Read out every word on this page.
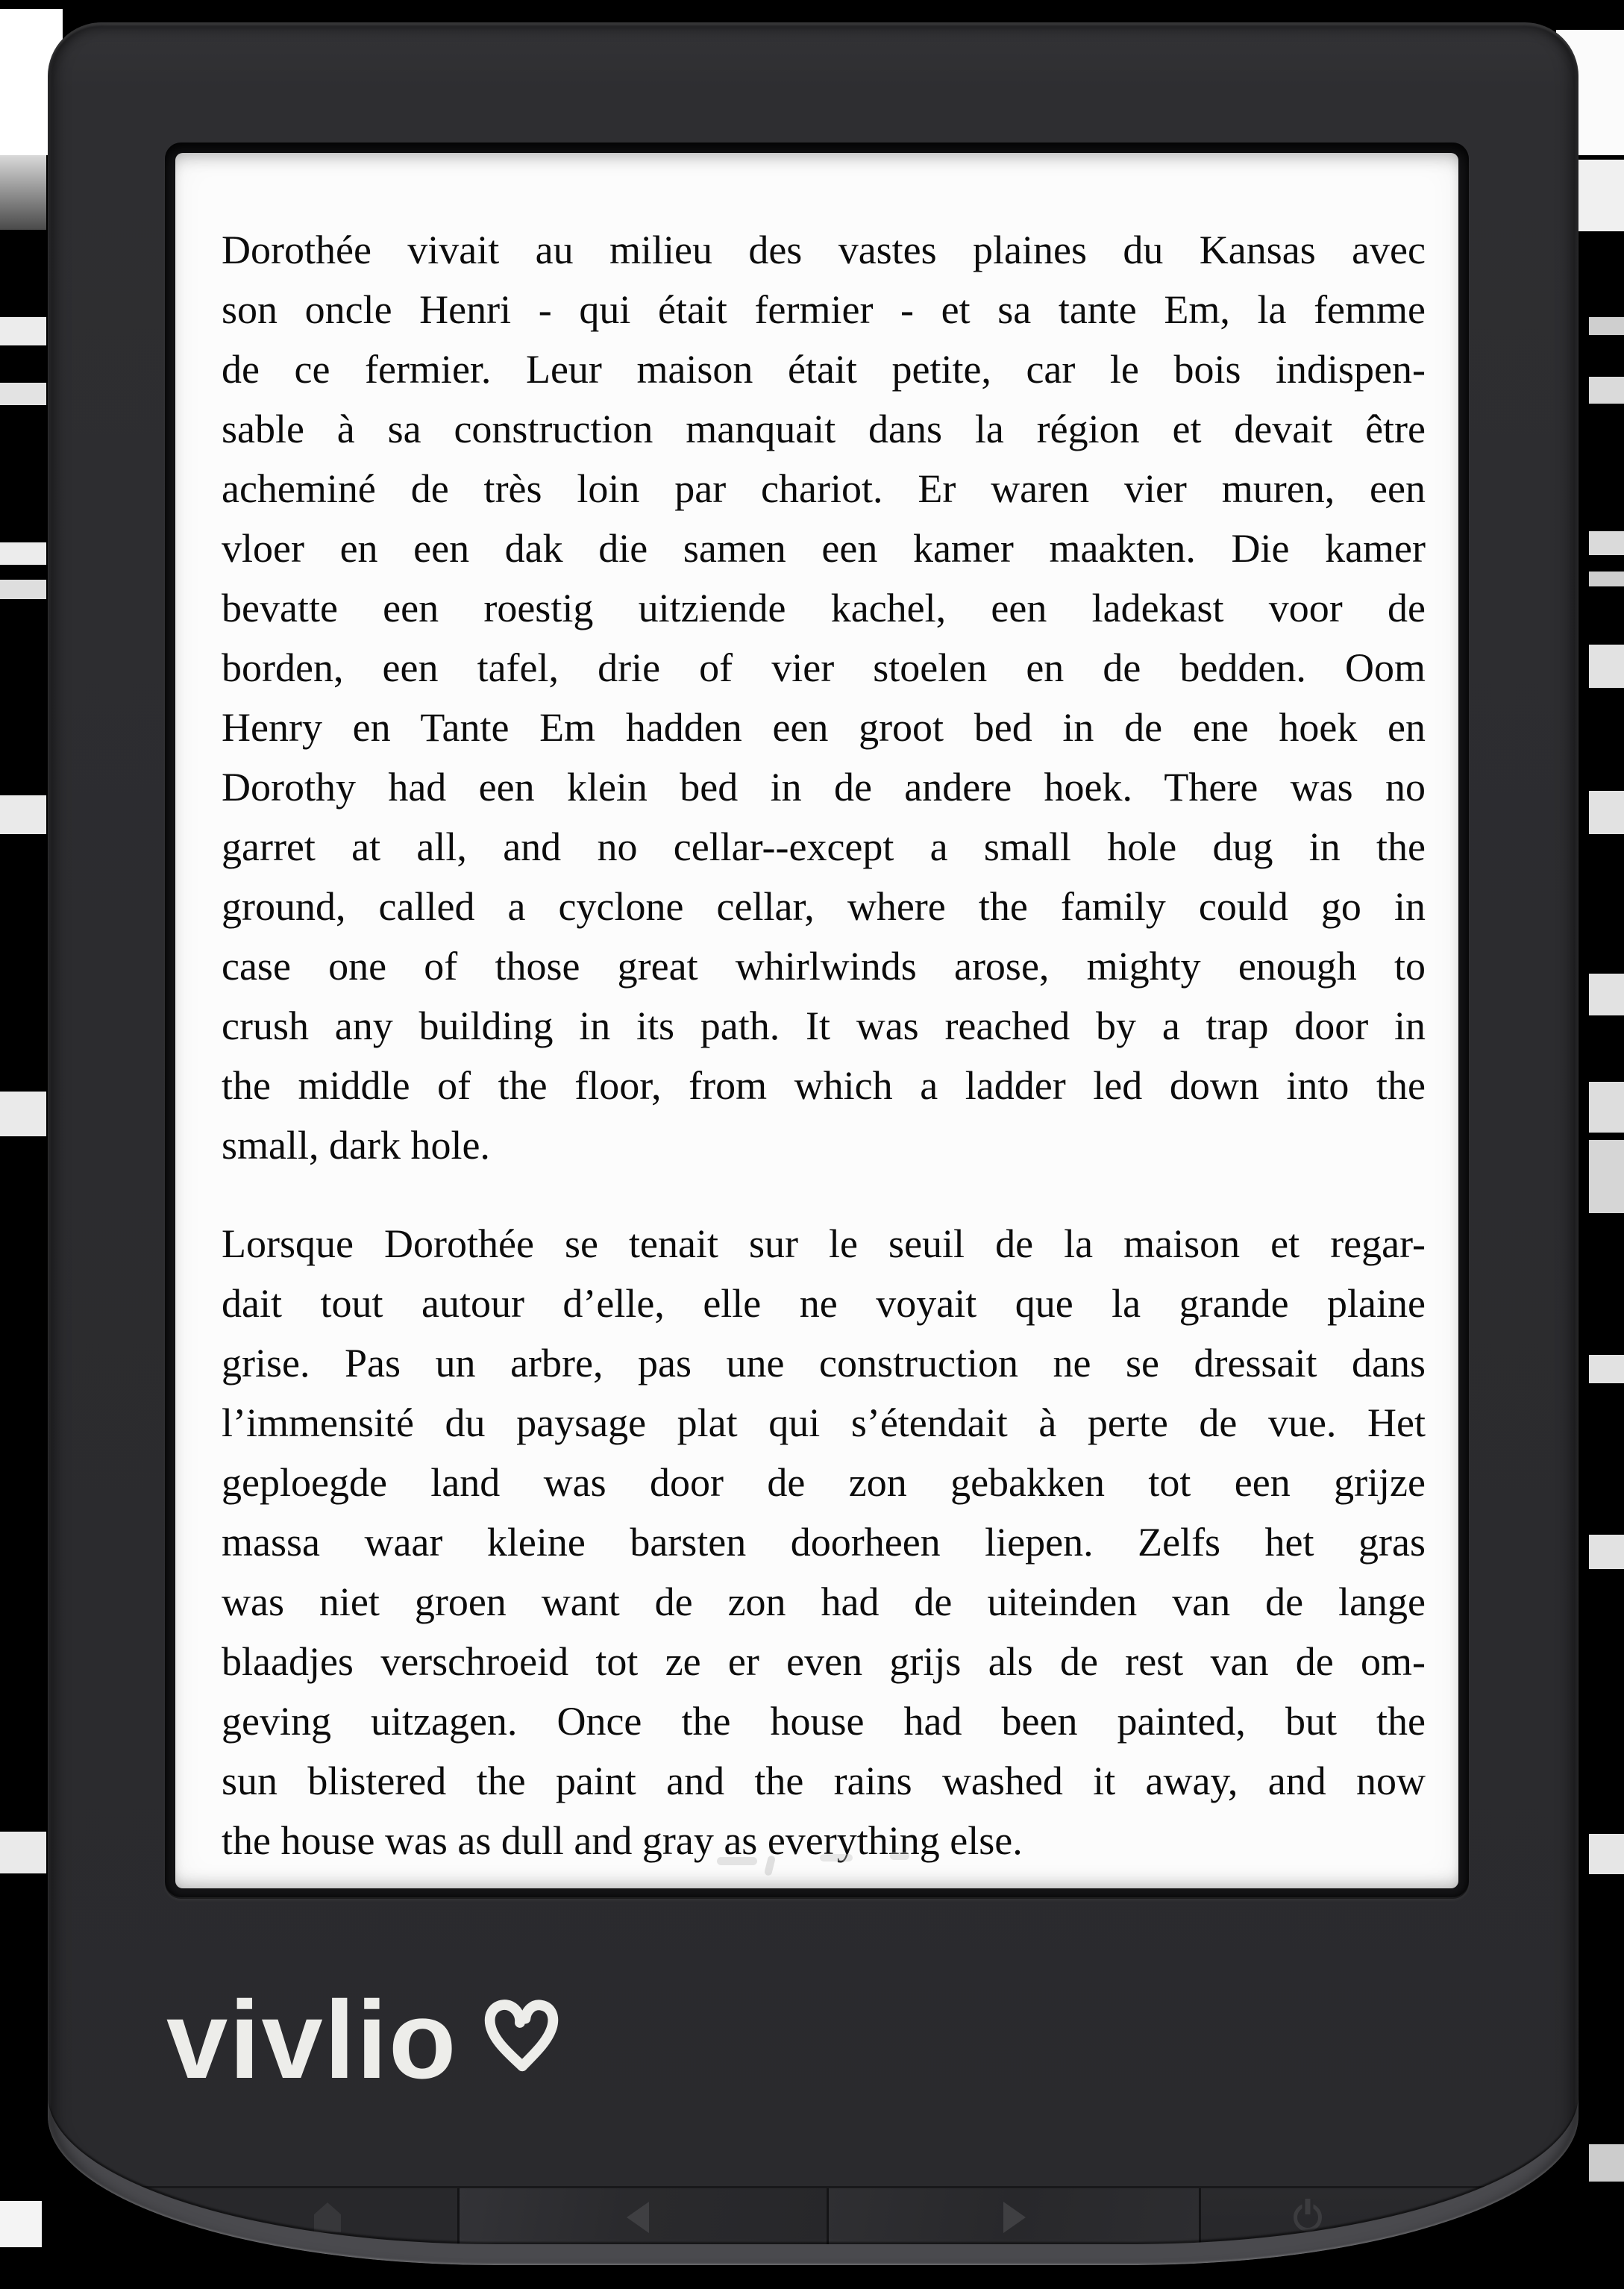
Dorothée vivait au milieu des vastes plaines du Kansas avec
son oncle Henri - qui était fermier - et sa tante Em, la femme
de ce fermier. Leur maison était petite, car le bois indispen-
sable à sa construction manquait dans la région et devait être
acheminé de très loin par chariot. Er waren vier muren, een
vloer en een dak die samen een kamer maakten. Die kamer
bevatte een roestig uitziende kachel, een ladekast voor de
borden, een tafel, drie of vier stoelen en de bedden. Oom
Henry en Tante Em hadden een groot bed in de ene hoek en
Dorothy had een klein bed in de andere hoek. There was no
garret at all, and no cellar--except a small hole dug in the
ground, called a cyclone cellar, where the family could go in
case one of those great whirlwinds arose, mighty enough to
crush any building in its path. It was reached by a trap door in
the middle of the floor, from which a ladder led down into the
small, dark hole.
Lorsque Dorothée se tenait sur le seuil de la maison et regar-
dait tout autour d’elle, elle ne voyait que la grande plaine
grise. Pas un arbre, pas une construction ne se dressait dans
l’immensité du paysage plat qui s’étendait à perte de vue. Het
geploegde land was door de zon gebakken tot een grijze
massa waar kleine barsten doorheen liepen. Zelfs het gras
was niet groen want de zon had de uiteinden van de lange
blaadjes verschroeid tot ze er even grijs als de rest van de om-
geving uitzagen. Once the house had been painted, but the
sun blistered the paint and the rains washed it away, and now
the house was as dull and gray as everything else.
vivlio
